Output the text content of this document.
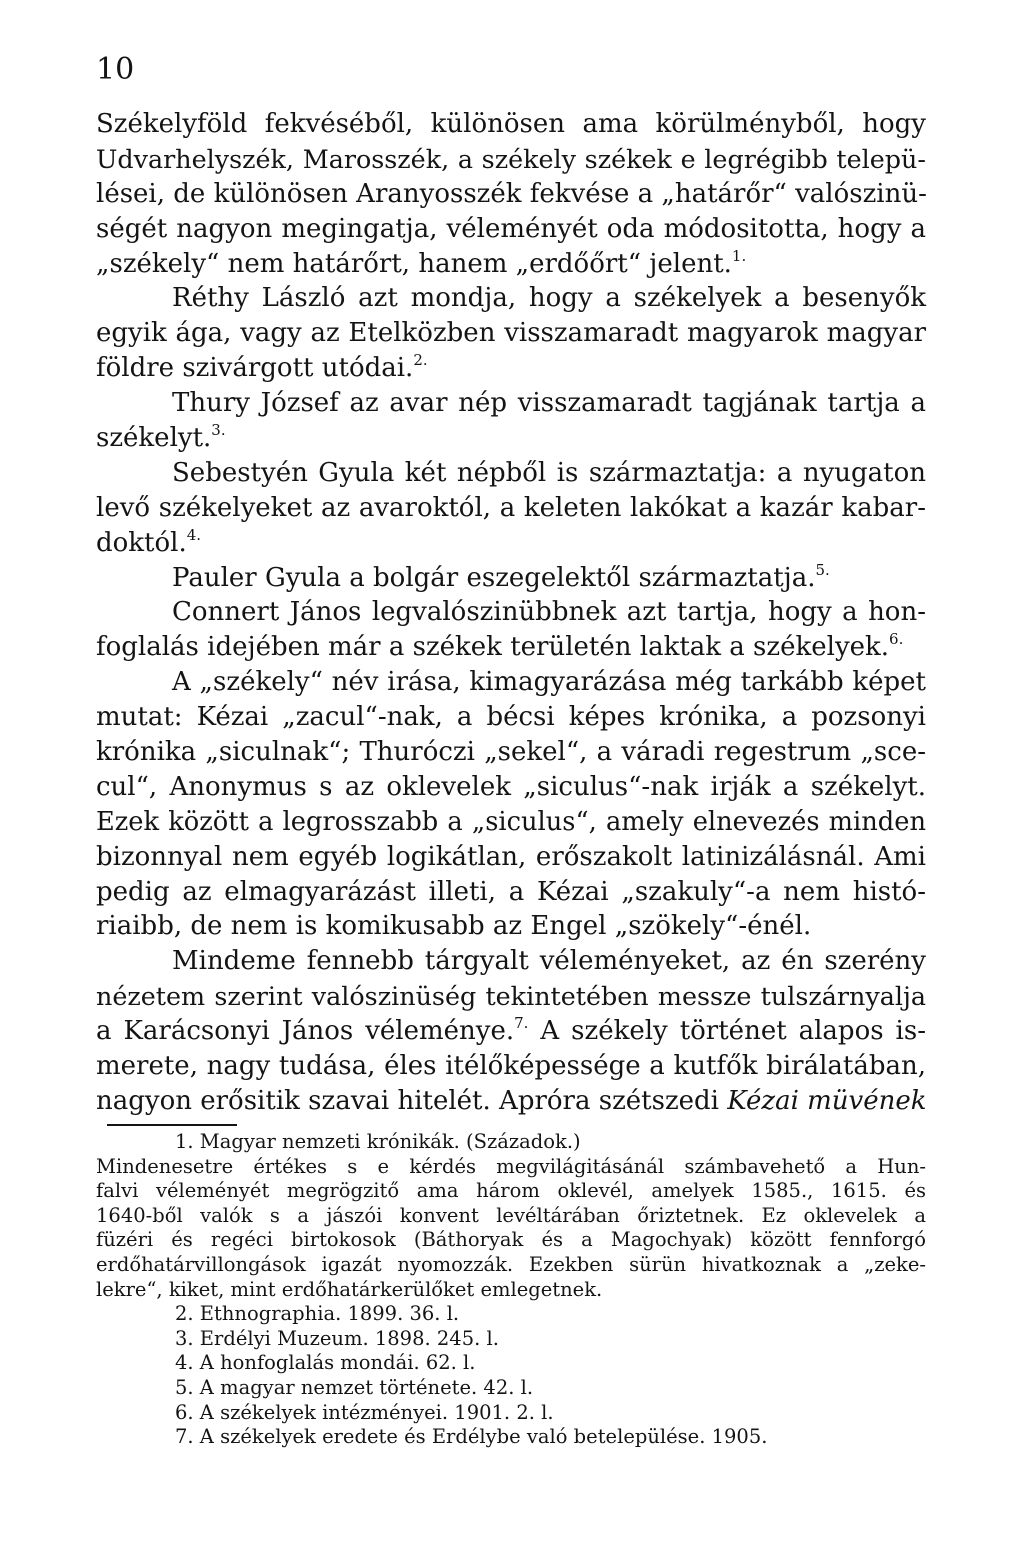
10
Székelyföld fekvéséből, különösen ama körülményből, hogy
Udvarhelyszék, Marosszék, a székely székek e legrégibb telepü-
lései, de különösen Aranyosszék fekvése a „határőr“ valószinü-
ségét nagyon megingatja, véleményét oda módositotta, hogy a
„székely“ nem határőrt, hanem „erdőőrt“ jelent.$^{1.}$
Réthy László azt mondja, hogy a székelyek a besenyők
egyik ága, vagy az Etelközben visszamaradt magyarok magyar
földre szivárgott utódai.$^{2.}$
Thury József az avar nép visszamaradt tagjának tartja a
székelyt.$^{3.}$
Sebestyén Gyula két népből is származtatja: a nyugaton
levő székelyeket az avaroktól, a keleten lakókat a kazár kabar-
doktól.$^{4.}$
Pauler Gyula a bolgár eszegelektől származtatja.$^{5.}$
Connert János legvalószinübbnek azt tartja, hogy a hon-
foglalás idejében már a székek területén laktak a székelyek.$^{6.}$
A „székely“ név irása, kimagyarázása még tarkább képet
mutat: Kézai „zacul“-nak, a bécsi képes krónika, a pozsonyi
krónika „siculnak“; Thuróczi „sekel“, a váradi regestrum „sce-
cul“, Anonymus s az oklevelek „siculus“-nak irják a székelyt.
Ezek között a legrosszabb a „siculus“, amely elnevezés minden
bizonnyal nem egyéb logikátlan, erőszakolt latinizálásnál. Ami
pedig az elmagyarázást illeti, a Kézai „szakuly“-a nem histó-
riaibb, de nem is komikusabb az Engel „szökely“-énél.
Mindeme fennebb tárgyalt véleményeket, az én szerény
nézetem szerint valószinüség tekintetében messze tulszárnyalja
a Karácsonyi János véleménye.$^{7.}$ A székely történet alapos is-
merete, nagy tudása, éles itélőképessége a kutfők birálatában,
nagyon erősitik szavai hitelét. Apróra szétszedi Kézai müvének
1. Magyar nemzeti krónikák. (Századok.)
Mindenesetre értékes s e kérdés megvilágitásánál számbavehető a Hun-
falvi véleményét megrögzitő ama három oklevél, amelyek 1585., 1615. és
1640-ből valók s a jászói konvent levéltárában őriztetnek. Ez oklevelek a
füzéri és regéci birtokosok (Báthoryak és a Magochyak) között fennforgó
erdőhatárvillongások igazát nyomozzák. Ezekben sürün hivatkoznak a „zeke-
lekre“, kiket, mint erdőhatárkerülőket emlegetnek.
2. Ethnographia. 1899. 36. l.
3. Erdélyi Muzeum. 1898. 245. l.
4. A honfoglalás mondái. 62. l.
5. A magyar nemzet története. 42. l.
6. A székelyek intézményei. 1901. 2. l.
7. A székelyek eredete és Erdélybe való betelepülése. 1905.
